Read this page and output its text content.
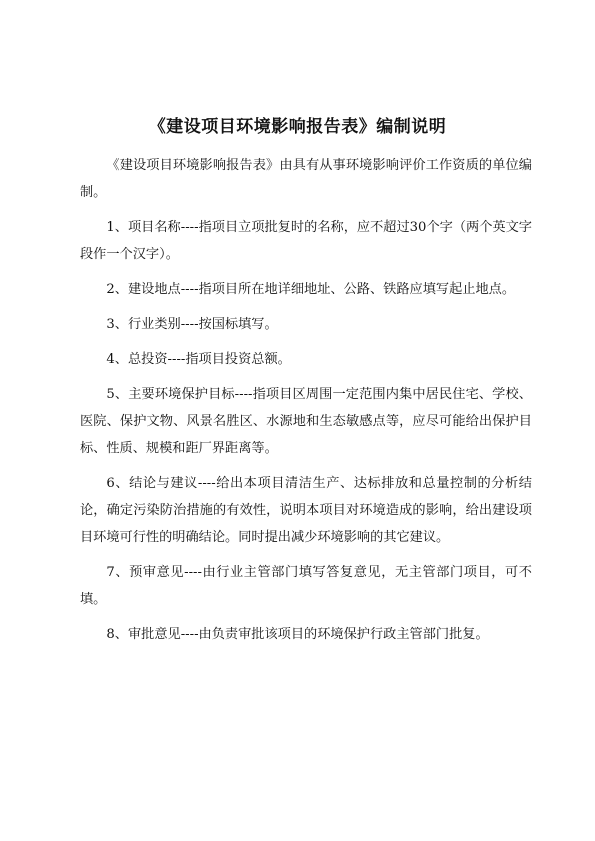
《建设项目环境影响报告表》编制说明

《建设项目环境影响报告表》由具有从事环境影响评价工作资质的单位编制。

1、项目名称----指项目立项批复时的名称，应不超过30个字（两个英文字段作一个汉字）。

2、建设地点----指项目所在地详细地址、公路、铁路应填写起止地点。

3、行业类别----按国标填写。

4、总投资----指项目投资总额。

5、主要环境保护目标----指项目区周围一定范围内集中居民住宅、学校、医院、保护文物、风景名胜区、水源地和生态敏感点等，应尽可能给出保护目标、性质、规模和距厂界距离等。

6、结论与建议----给出本项目清洁生产、达标排放和总量控制的分析结论，确定污染防治措施的有效性，说明本项目对环境造成的影响，给出建设项目环境可行性的明确结论。同时提出减少环境影响的其它建议。

7、预审意见----由行业主管部门填写答复意见，无主管部门项目，可不填。

8、审批意见----由负责审批该项目的环境保护行政主管部门批复。
